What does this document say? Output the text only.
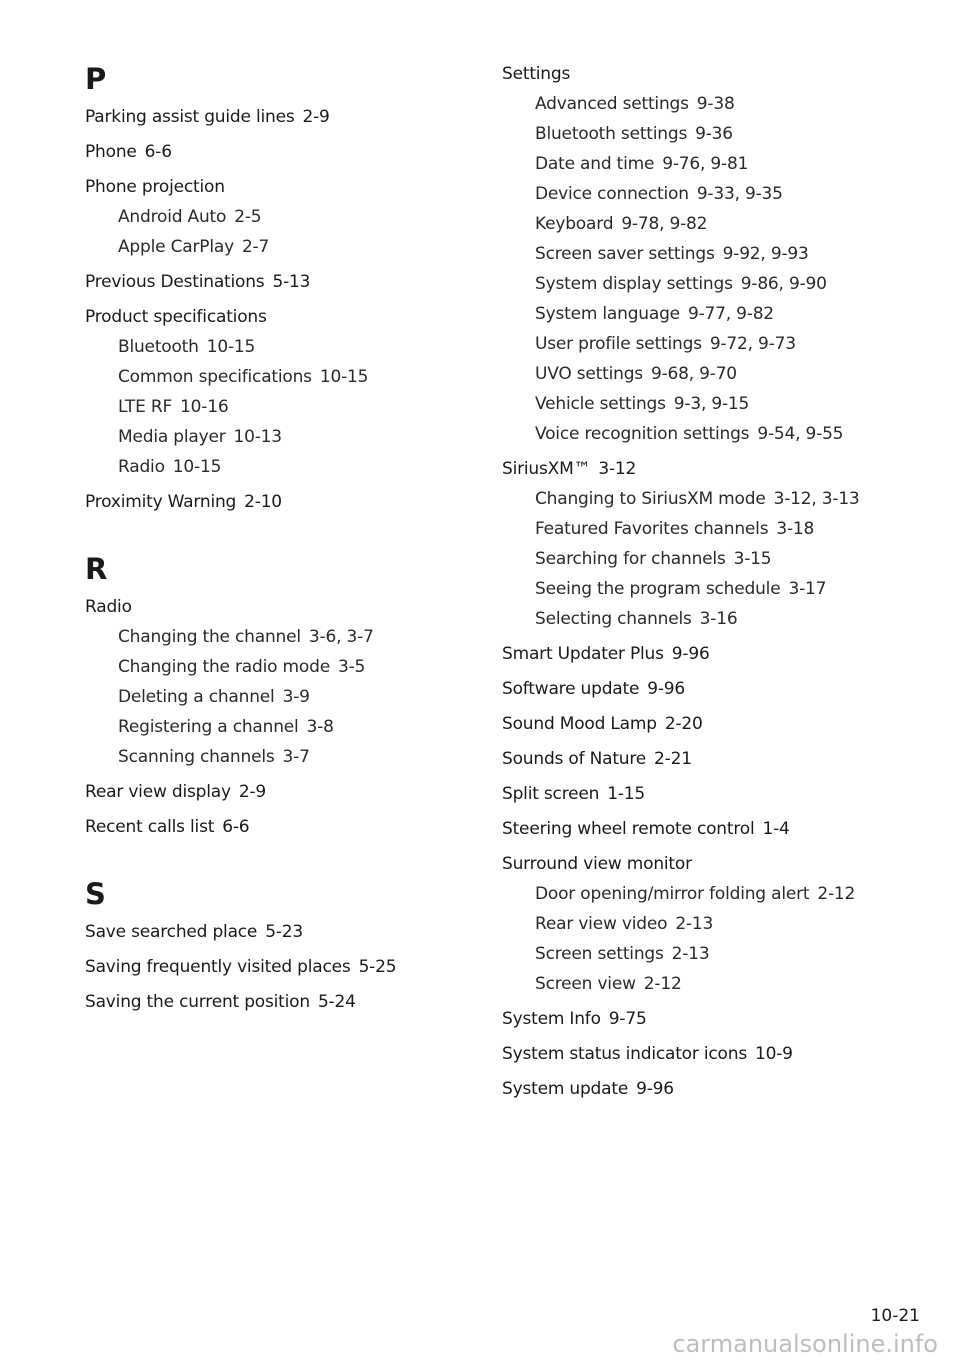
P
Parking assist guide lines 2-9
Phone 6-6
Phone projection
Android Auto 2-5
Apple CarPlay 2-7
Previous Destinations 5-13
Product specifications
Bluetooth 10-15
Common specifications 10-15
LTE RF 10-16
Media player 10-13
Radio 10-15
Proximity Warning 2-10
R
Radio
Changing the channel 3-6, 3-7
Changing the radio mode 3-5
Deleting a channel 3-9
Registering a channel 3-8
Scanning channels 3-7
Rear view display 2-9
Recent calls list 6-6
S
Save searched place 5-23
Saving frequently visited places 5-25
Saving the current position 5-24
Settings
Advanced settings 9-38
Bluetooth settings 9-36
Date and time 9-76, 9-81
Device connection 9-33, 9-35
Keyboard 9-78, 9-82
Screen saver settings 9-92, 9-93
System display settings 9-86, 9-90
System language 9-77, 9-82
User profile settings 9-72, 9-73
UVO settings 9-68, 9-70
Vehicle settings 9-3, 9-15
Voice recognition settings 9-54, 9-55
SiriusXM™ 3-12
Changing to SiriusXM mode 3-12, 3-13
Featured Favorites channels 3-18
Searching for channels 3-15
Seeing the program schedule 3-17
Selecting channels 3-16
Smart Updater Plus 9-96
Software update 9-96
Sound Mood Lamp 2-20
Sounds of Nature 2-21
Split screen 1-15
Steering wheel remote control 1-4
Surround view monitor
Door opening/mirror folding alert 2-12
Rear view video 2-13
Screen settings 2-13
Screen view 2-12
System Info 9-75
System status indicator icons 10-9
System update 9-96
10-21
carmanualsonline.info
